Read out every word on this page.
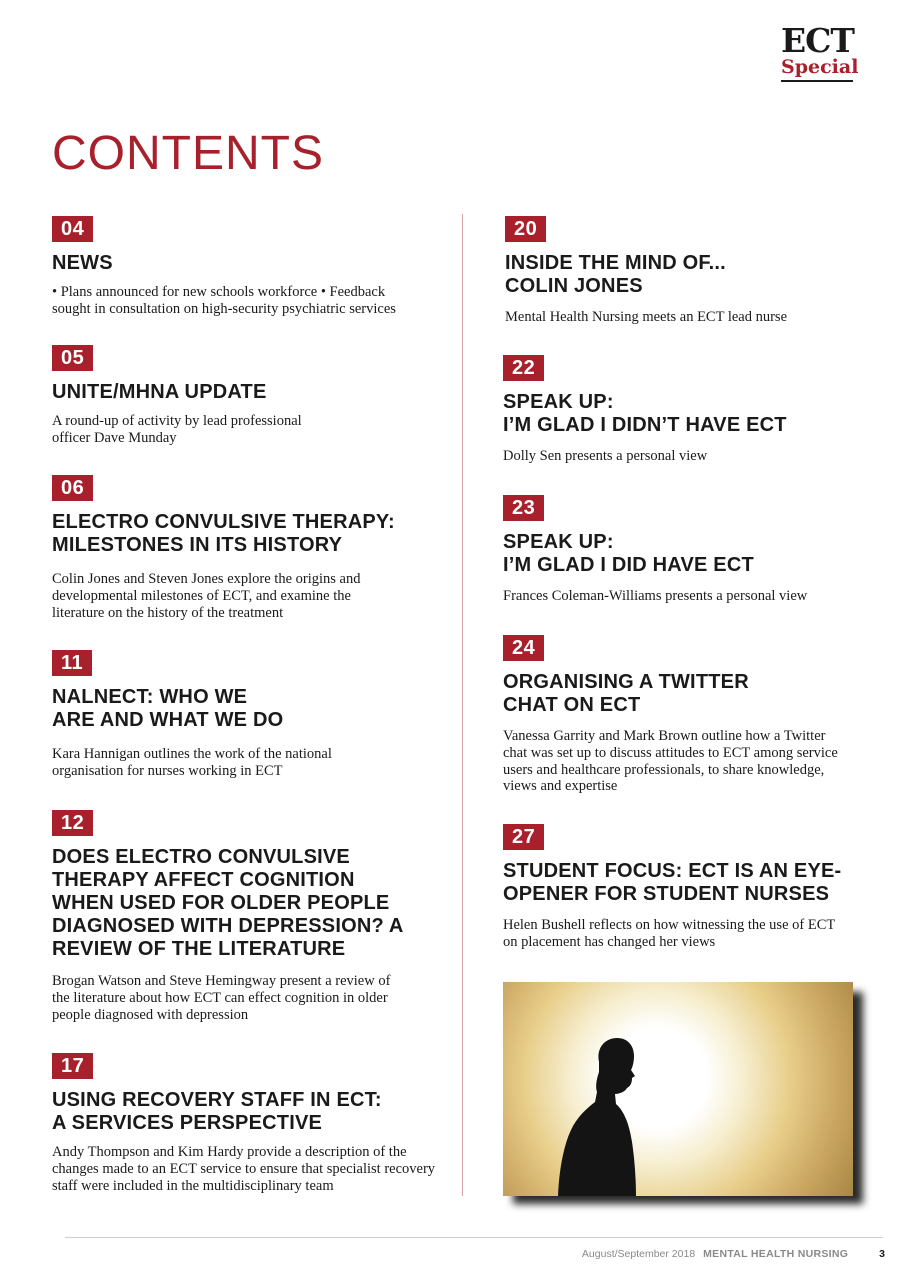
ECT
Special
CONTENTS
04
NEWS
• Plans announced for new schools workforce • Feedback sought in consultation on high-security psychiatric services
05
UNITE/MHNA UPDATE
A round-up of activity by lead professional
officer Dave Munday
06
ELECTRO CONVULSIVE THERAPY:
MILESTONES IN ITS HISTORY
Colin Jones and Steven Jones explore the origins and developmental milestones of ECT, and examine the literature on the history of the treatment
11
NALNECT: WHO WE
ARE AND WHAT WE DO
Kara Hannigan outlines the work of the national organisation for nurses working in ECT
12
DOES ELECTRO CONVULSIVE THERAPY AFFECT COGNITION WHEN USED FOR OLDER PEOPLE DIAGNOSED WITH DEPRESSION? A REVIEW OF THE LITERATURE
Brogan Watson and Steve Hemingway present a review of the literature about how ECT can effect cognition in older people diagnosed with depression
17
USING RECOVERY STAFF IN ECT:
A SERVICES PERSPECTIVE
Andy Thompson and Kim Hardy provide a description of the changes made to an ECT service to ensure that specialist recovery staff were included in the multidisciplinary team
20
INSIDE THE MIND OF...
COLIN JONES
Mental Health Nursing meets an ECT lead nurse
22
SPEAK UP:
I’M GLAD I DIDN’T HAVE ECT
Dolly Sen presents a personal view
23
SPEAK UP:
I’M GLAD I DID HAVE ECT
Frances Coleman-Williams presents a personal view
24
ORGANISING A TWITTER
CHAT ON ECT
Vanessa Garrity and Mark Brown outline how a Twitter chat was set up to discuss attitudes to ECT among service users and healthcare professionals, to share knowledge, views and expertise
27
STUDENT FOCUS: ECT IS AN EYE-OPENER FOR STUDENT NURSES
Helen Bushell reflects on how witnessing the use of ECT on placement has changed her views
August/September 2018 MENTAL HEALTH NURSING	3
